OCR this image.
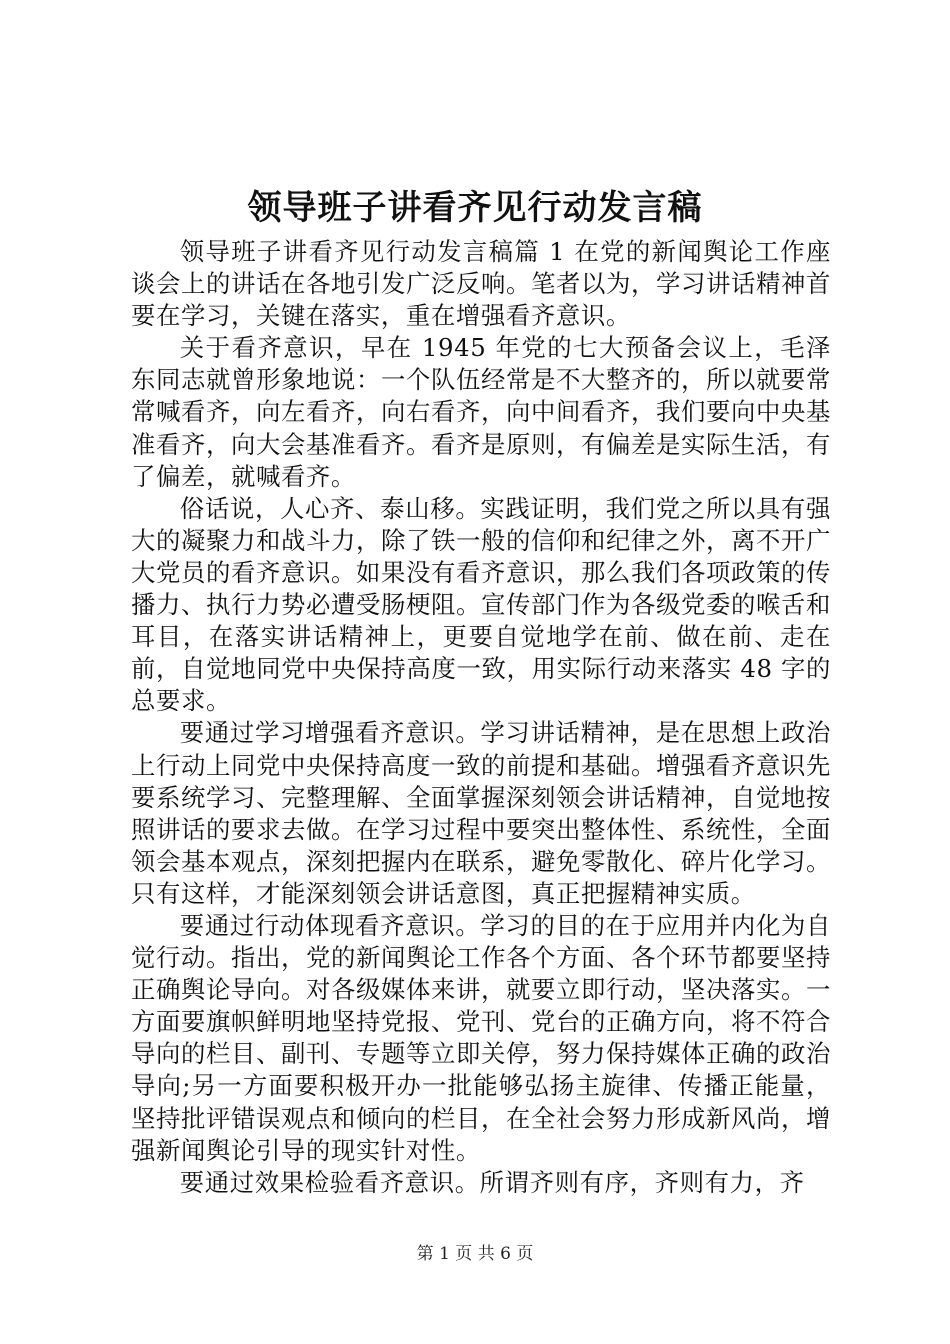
领导班子讲看齐见行动发言稿

领导班子讲看齐见行动发言稿篇 1 在党的新闻舆论工作座谈会上的讲话在各地引发广泛反响。笔者以为，学习讲话精神首要在学习，关键在落实，重在增强看齐意识。

关于看齐意识，早在 1945 年党的七大预备会议上，毛泽东同志就曾形象地说：一个队伍经常是不大整齐的，所以就要常常喊看齐，向左看齐，向右看齐，向中间看齐，我们要向中央基准看齐，向大会基准看齐。看齐是原则，有偏差是实际生活，有了偏差，就喊看齐。

俗话说，人心齐、泰山移。实践证明，我们党之所以具有强大的凝聚力和战斗力，除了铁一般的信仰和纪律之外，离不开广大党员的看齐意识。如果没有看齐意识，那么我们各项政策的传播力、执行力势必遭受肠梗阻。宣传部门作为各级党委的喉舌和耳目，在落实讲话精神上，更要自觉地学在前、做在前、走在前，自觉地同党中央保持高度一致，用实际行动来落实 48 字的总要求。

要通过学习增强看齐意识。学习讲话精神，是在思想上政治上行动上同党中央保持高度一致的前提和基础。增强看齐意识先要系统学习、完整理解、全面掌握深刻领会讲话精神，自觉地按照讲话的要求去做。在学习过程中要突出整体性、系统性，全面领会基本观点，深刻把握内在联系，避免零散化、碎片化学习。只有这样，才能深刻领会讲话意图，真正把握精神实质。

要通过行动体现看齐意识。学习的目的在于应用并内化为自觉行动。指出，党的新闻舆论工作各个方面、各个环节都要坚持正确舆论导向。对各级媒体来讲，就要立即行动，坚决落实。一方面要旗帜鲜明地坚持党报、党刊、党台的正确方向，将不符合导向的栏目、副刊、专题等立即关停，努力保持媒体正确的政治导向;另一方面要积极开办一批能够弘扬主旋律、传播正能量，坚持批评错误观点和倾向的栏目，在全社会努力形成新风尚，增强新闻舆论引导的现实针对性。

要通过效果检验看齐意识。所谓齐则有序，齐则有力，齐

第 1 页 共 6 页
